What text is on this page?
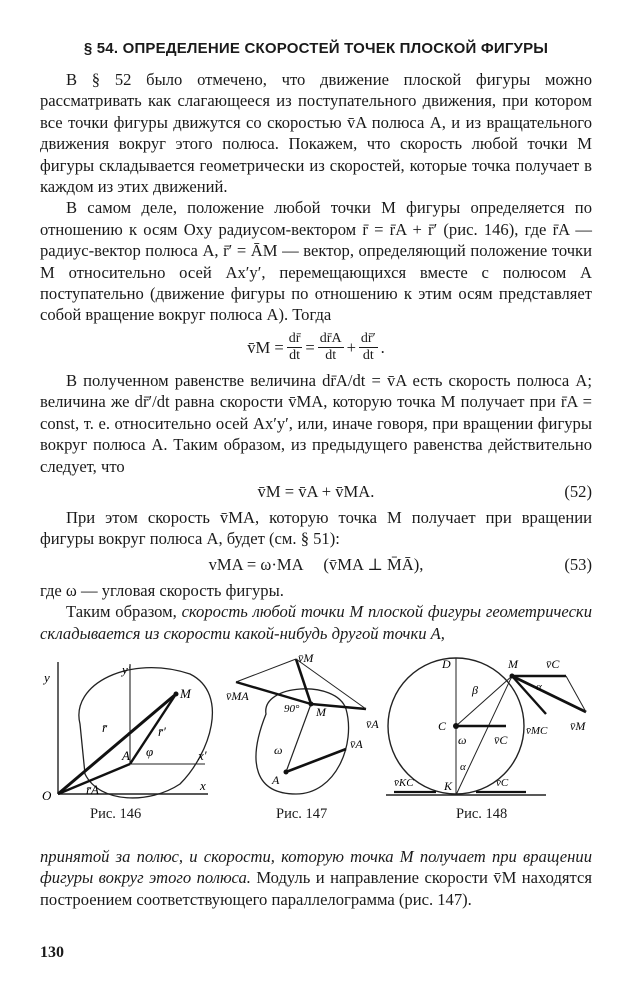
§ 54. ОПРЕДЕЛЕНИЕ СКОРОСТЕЙ ТОЧЕК ПЛОСКОЙ ФИГУРЫ

В § 52 было отмечено, что движение плоской фигуры можно рассматривать как слагающееся из поступательного движения, при котором все точки фигуры движутся со скоростью v̄A полюса A, и из вращательного движения вокруг этого полюса. Покажем, что скорость любой точки M фигуры складывается геометрически из скоростей, которые точка получает в каждом из этих движений.

В самом деле, положение любой точки M фигуры определяется по отношению к осям Oxy радиусом-вектором r̄ = r̄A + r̄′ (рис. 146), где r̄A — радиус-вектор полюса A, r̄′ = ĀM — вектор, определяющий положение точки M относительно осей Ax′y′, перемещающихся вместе с полюсом A поступательно (движение фигуры по отношению к этим осям представляет собой вращение вокруг полюса A). Тогда

v̄M = $\frac{dr̄}{dt} = \frac{dr̄A}{dt} + \frac{dr̄'}{dt}$ .

В полученном равенстве величина dr̄A/dt = v̄A есть скорость полюса A; величина же dr̄′/dt равна скорости v̄MA, которую точка M получает при r̄A = const, т. е. относительно осей Ax′y′, или, иначе говоря, при вращении фигуры вокруг полюса A. Таким образом, из предыдущего равенства действительно следует, что

v̄M = v̄A + v̄MA.	(52)

При этом скорость v̄MA, которую точка M получает при вращении фигуры вокруг полюса A, будет (см. § 51):

vMA = ω·MA     (v̄MA ⊥ M̄Ā),	(53)

где ω — угловая скорость фигуры.

Таким образом, скорость любой точки M плоской фигуры геометрически складывается из скорости какой-нибудь другой точки A,

y
y′
M
r̄	r̄′
φ
A	x′
r̄A
O
x
Рис. 146
v̄M
v̄MA
v̄A
90° M
ω
A
v̄A
Рис. 147
D	M v̄C
β	α
C
ω v̄C
α
v̄MC v̄M
v̄KC	K	v̄C
Рис. 148

принятой за полюс, и скорости, которую точка M получает при вращении фигуры вокруг этого полюса. Модуль и направление скорости v̄M находятся построением соответствующего параллелограмма (рис. 147).

130
